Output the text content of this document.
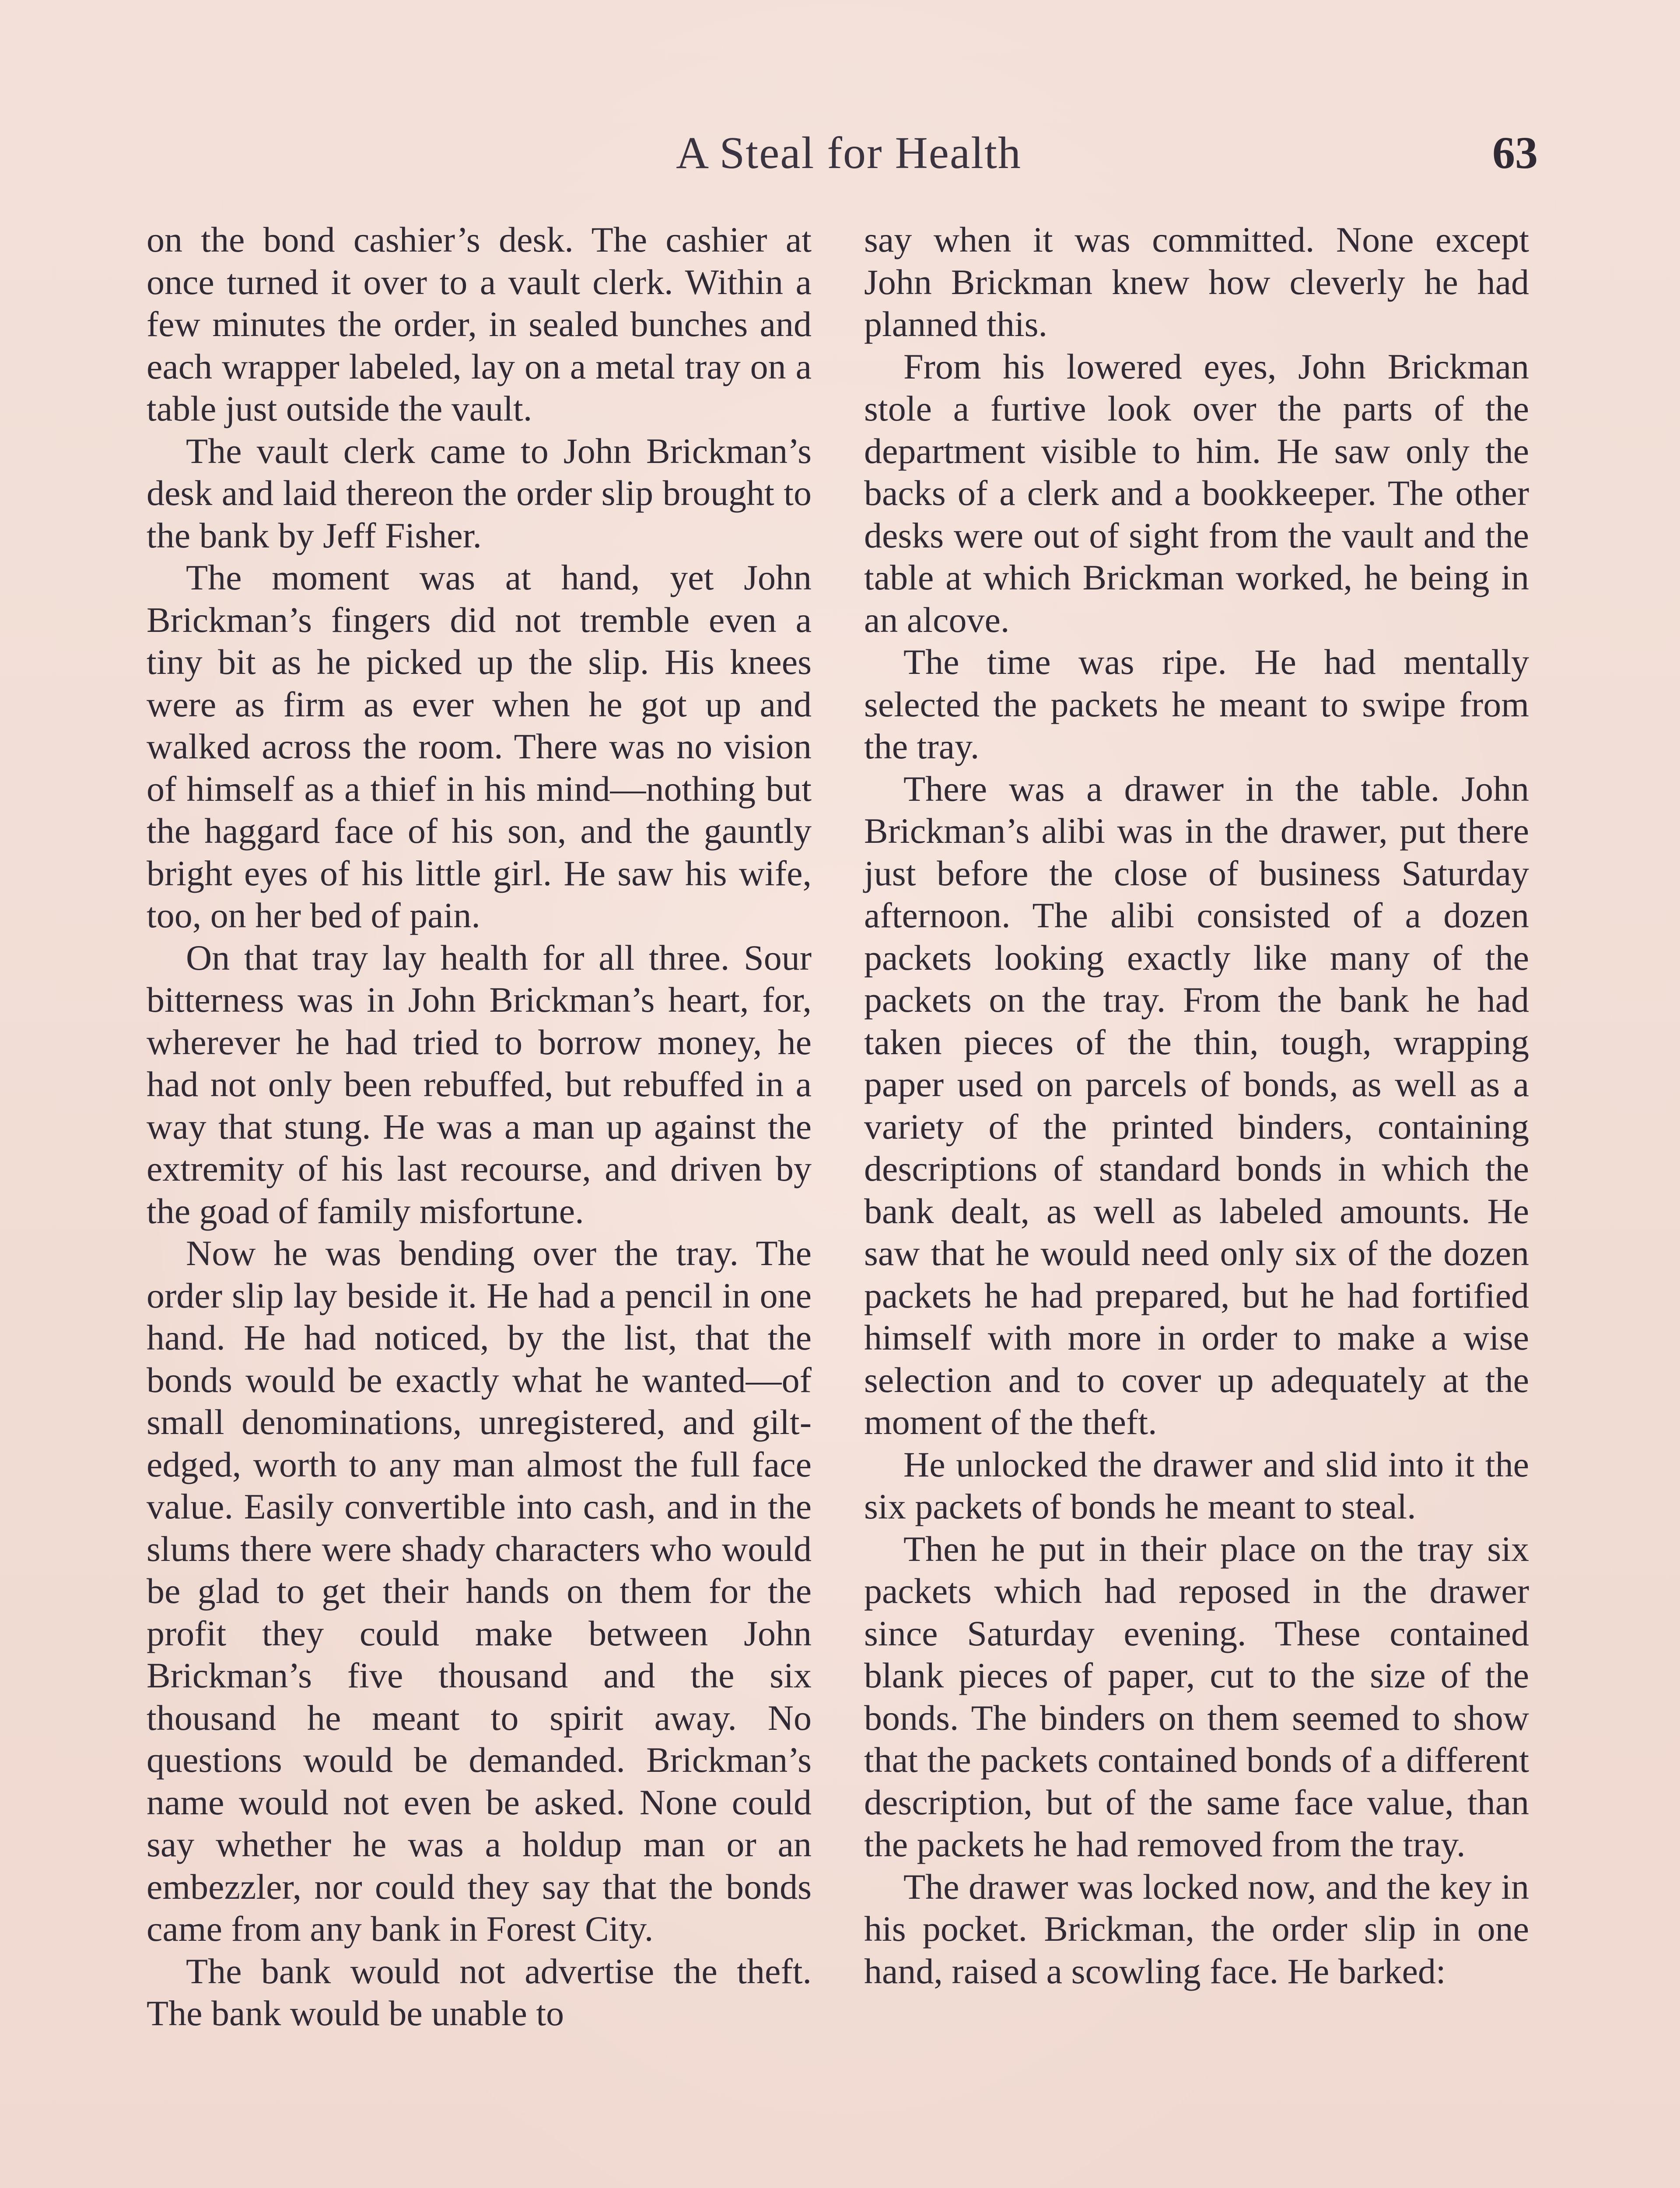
A Steal for Health	63

on the bond cashier’s desk. The cashier at once turned it over to a vault clerk. Within a few minutes the order, in sealed bunches and each wrapper labeled, lay on a metal tray on a table just outside the vault.

The vault clerk came to John Brickman’s desk and laid thereon the order slip brought to the bank by Jeff Fisher.

The moment was at hand, yet John Brickman’s fingers did not tremble even a tiny bit as he picked up the slip. His knees were as firm as ever when he got up and walked across the room. There was no vision of himself as a thief in his mind—nothing but the haggard face of his son, and the gauntly bright eyes of his little girl. He saw his wife, too, on her bed of pain.

On that tray lay health for all three. Sour bitterness was in John Brickman’s heart, for, wherever he had tried to borrow money, he had not only been rebuffed, but rebuffed in a way that stung. He was a man up against the extremity of his last recourse, and driven by the goad of family misfortune.

Now he was bending over the tray. The order slip lay beside it. He had a pencil in one hand. He had noticed, by the list, that the bonds would be exactly what he wanted—of small denominations, unregistered, and gilt-edged, worth to any man almost the full face value. Easily convertible into cash, and in the slums there were shady characters who would be glad to get their hands on them for the profit they could make between John Brickman’s five thousand and the six thousand he meant to spirit away. No questions would be demanded. Brickman’s name would not even be asked. None could say whether he was a holdup man or an embezzler, nor could they say that the bonds came from any bank in Forest City.

The bank would not advertise the theft. The bank would be unable to

say when it was committed. None except John Brickman knew how cleverly he had planned this.

From his lowered eyes, John Brickman stole a furtive look over the parts of the department visible to him. He saw only the backs of a clerk and a bookkeeper. The other desks were out of sight from the vault and the table at which Brickman worked, he being in an alcove.

The time was ripe. He had mentally selected the packets he meant to swipe from the tray.

There was a drawer in the table. John Brickman’s alibi was in the drawer, put there just before the close of business Saturday afternoon. The alibi consisted of a dozen packets looking exactly like many of the packets on the tray. From the bank he had taken pieces of the thin, tough, wrapping paper used on parcels of bonds, as well as a variety of the printed binders, containing descriptions of standard bonds in which the bank dealt, as well as labeled amounts. He saw that he would need only six of the dozen packets he had prepared, but he had fortified himself with more in order to make a wise selection and to cover up adequately at the moment of the theft.

He unlocked the drawer and slid into it the six packets of bonds he meant to steal.

Then he put in their place on the tray six packets which had reposed in the drawer since Saturday evening. These contained blank pieces of paper, cut to the size of the bonds. The binders on them seemed to show that the packets contained bonds of a different description, but of the same face value, than the packets he had removed from the tray.

The drawer was locked now, and the key in his pocket. Brickman, the order slip in one hand, raised a scowling face. He barked:
